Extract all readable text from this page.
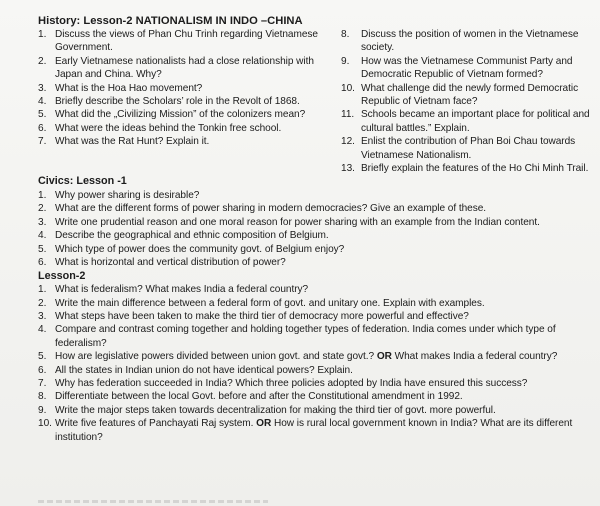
History: Lesson-2 NATIONALISM IN INDO –CHINA
1. Discuss the views of Phan Chu Trinh regarding Vietnamese Government.
2. Early Vietnamese nationalists had a close relationship with Japan and China. Why?
3. What is the Hoa Hao movement?
4. Briefly describe the Scholars’ role in the Revolt of 1868.
5. What did the „Civilizing Mission” of the colonizers mean?
6. What were the ideas behind the Tonkin free school.
7. What was the Rat Hunt? Explain it.
8.	Discuss the position of women in the Vietnamese society.
9.	How was the Vietnamese Communist Party and Democratic Republic of Vietnam formed?
10. What challenge did the newly formed Democratic Republic of Vietnam face?
11. Schools became an important place for political and cultural battles.” Explain.
12. Enlist the contribution of Phan Boi Chau towards Vietnamese Nationalism.
13. Briefly explain the features of the Ho Chi Minh Trail.
Civics: Lesson -1
1. Why power sharing is desirable?
2. What are the different forms of power sharing in modern democracies? Give an example of these.
3. Write one prudential reason and one moral reason for power sharing with an example from the Indian content.
4. Describe the geographical and ethnic composition of Belgium.
5. Which type of power does the community govt. of Belgium enjoy?
6. What is horizontal and vertical distribution of power?
Lesson-2
1. What is federalism? What makes India a federal country?
2. Write the main difference between a federal form of govt. and unitary one. Explain with examples.
3. What steps have been taken to make the third tier of democracy more powerful and effective?
4. Compare and contrast coming together and holding together types of federation. India comes under which type of federalism?
5. How are legislative powers divided between union govt. and state govt.? OR What makes India a federal country?
6. All the states in Indian union do not have identical powers? Explain.
7. Why has federation succeeded in India? Which three policies adopted by India have ensured this success?
8. Differentiate between the local Govt. before and after the Constitutional amendment in 1992.
9. Write the major steps taken towards decentralization for making the third tier of govt. more powerful.
10. Write five features of Panchayati Raj system. OR How is rural local government known in India? What are its different institution?
